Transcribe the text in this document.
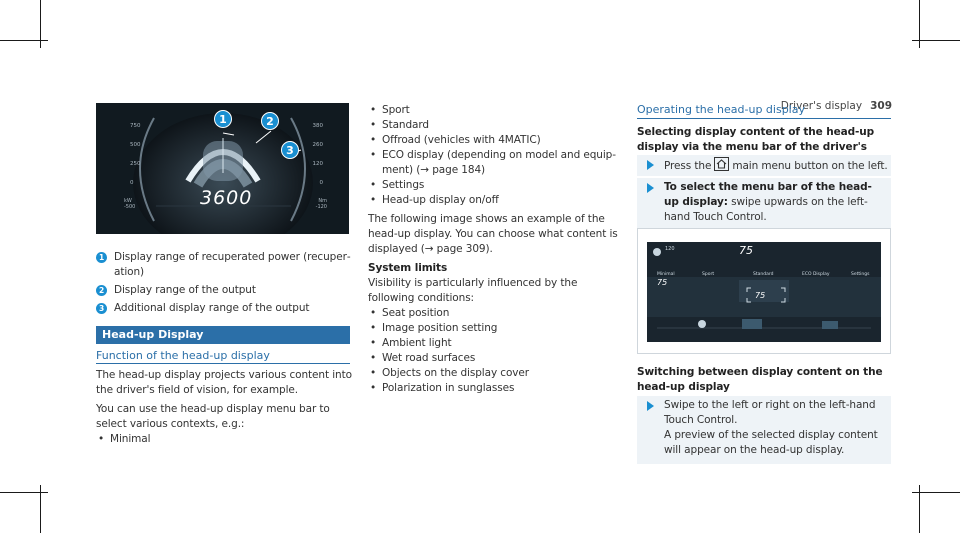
Driver's display 309
750
500
250
0
kW
-500
380
260
120
0
Nm
-120
3600
1	2
3
1 Display range of recuperated power (recuperation)
2 Display range of the output
3 Additional display range of the output
Head-up Display
Function of the head-up display

The head-up display projects various content into the driver's field of vision, for example.

You can use the head-up display menu bar to select various contexts, e.g.:

• Minimal
• Sport
• Standard
• Offroad (vehicles with 4MATIC)
• ECO display (depending on model and equipment) (→ page 184)
• Settings
• Head-up display on/off

The following image shows an example of the head-up display. You can choose what content is displayed (→ page 309).

System limits

Visibility is particularly influenced by the following conditions:

• Seat position
• Image position setting
• Ambient light
• Wet road surfaces
• Objects on the display cover
• Polarization in sunglasses
Operating the head-up display
Selecting display content of the head-up display via the menu bar of the driver's
Press the main menu button on the left.
To select the menu bar of the head-up display: swipe upwards on the left-hand Touch Control.
120	75
Minimal
75
Sport	Standard
75
ECO Display	Settings
Switching between display content on the head-up display
Swipe to the left or right on the left-hand Touch Control.
A preview of the selected display content will appear on the head-up display.
